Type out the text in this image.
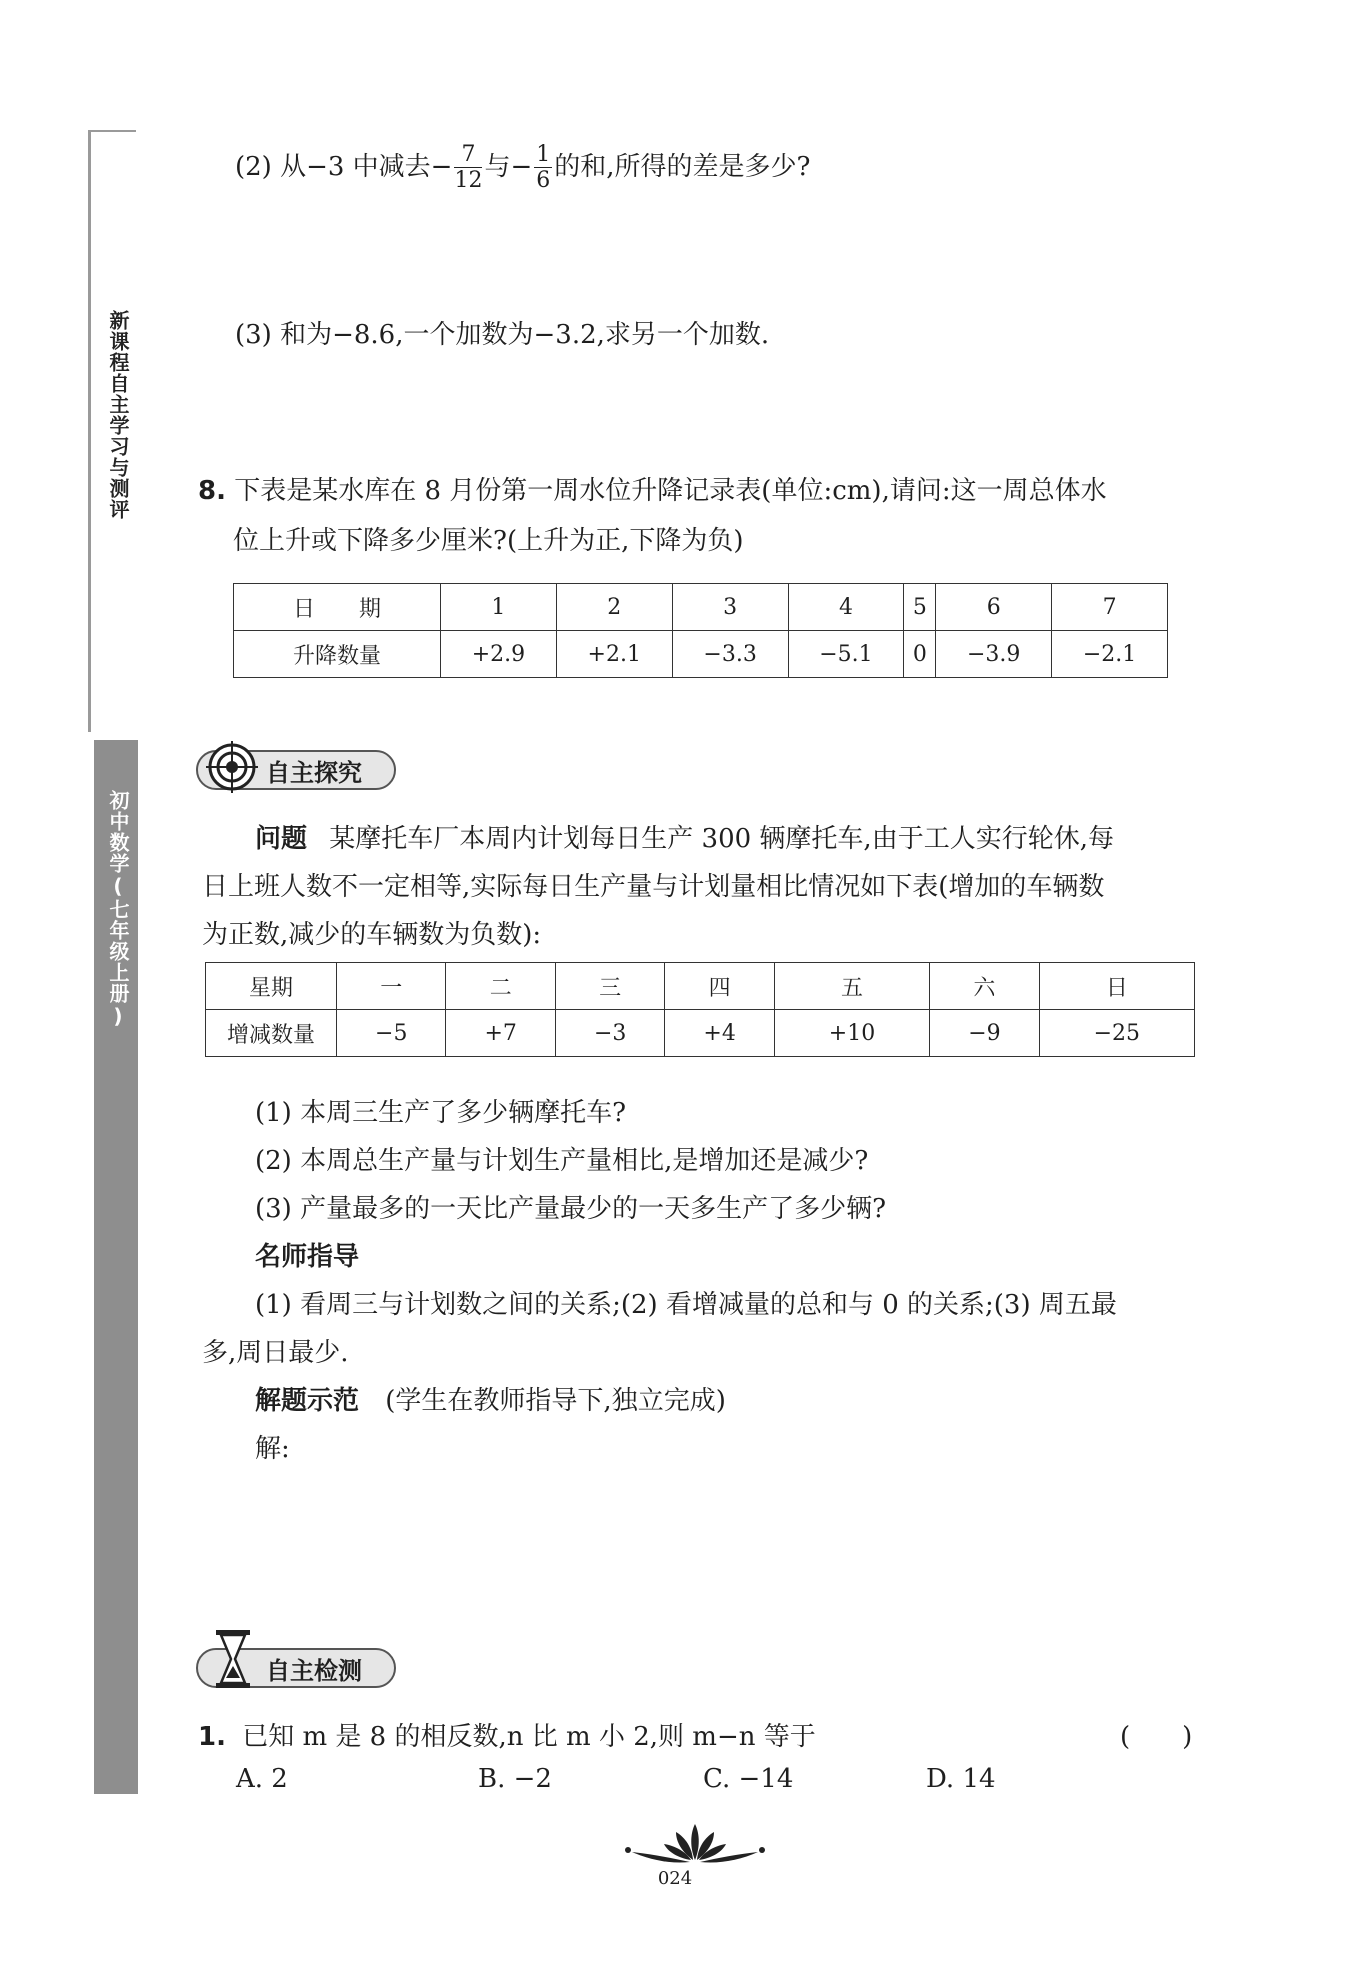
新课程自主学习与测评
初中数学(七年级上册)
(2) 从−3 中减去− $\frac{7}{12}$ 与− $\frac{1}{6}$ 的和,所得的差是多少?
(3) 和为−8.6,一个加数为−3.2,求另一个加数.
8. 下表是某水库在 8 月份第一周水位升降记录表(单位:cm),请问:这一周总体水
位上升或下降多少厘米?(上升为正,下降为负)
日　　期	1	2	3	4	5	6	7
升降数量	+2.9	+2.1	−3.3	−5.1	0	−3.9	−2.1
自主探究
问题 某摩托车厂本周内计划每日生产 300 辆摩托车,由于工人实行轮休,每
日上班人数不一定相等,实际每日生产量与计划量相比情况如下表(增加的车辆数
为正数,减少的车辆数为负数):
星期	一	二	三	四	五	六	日
增减数量	−5	+7	−3	+4	+10	−9	−25
(1) 本周三生产了多少辆摩托车?
(2) 本周总生产量与计划生产量相比,是增加还是减少?
(3) 产量最多的一天比产量最少的一天多生产了多少辆?
名师指导
(1) 看周三与计划数之间的关系;(2) 看增减量的总和与 0 的关系;(3) 周五最
多,周日最少.
解题示范 (学生在教师指导下,独立完成)
解:
自主检测
1. 已知 m 是 8 的相反数,n 比 m 小 2,则 m−n 等于	(　　)
A. 2	B. −2	C. −14	D. 14
024
